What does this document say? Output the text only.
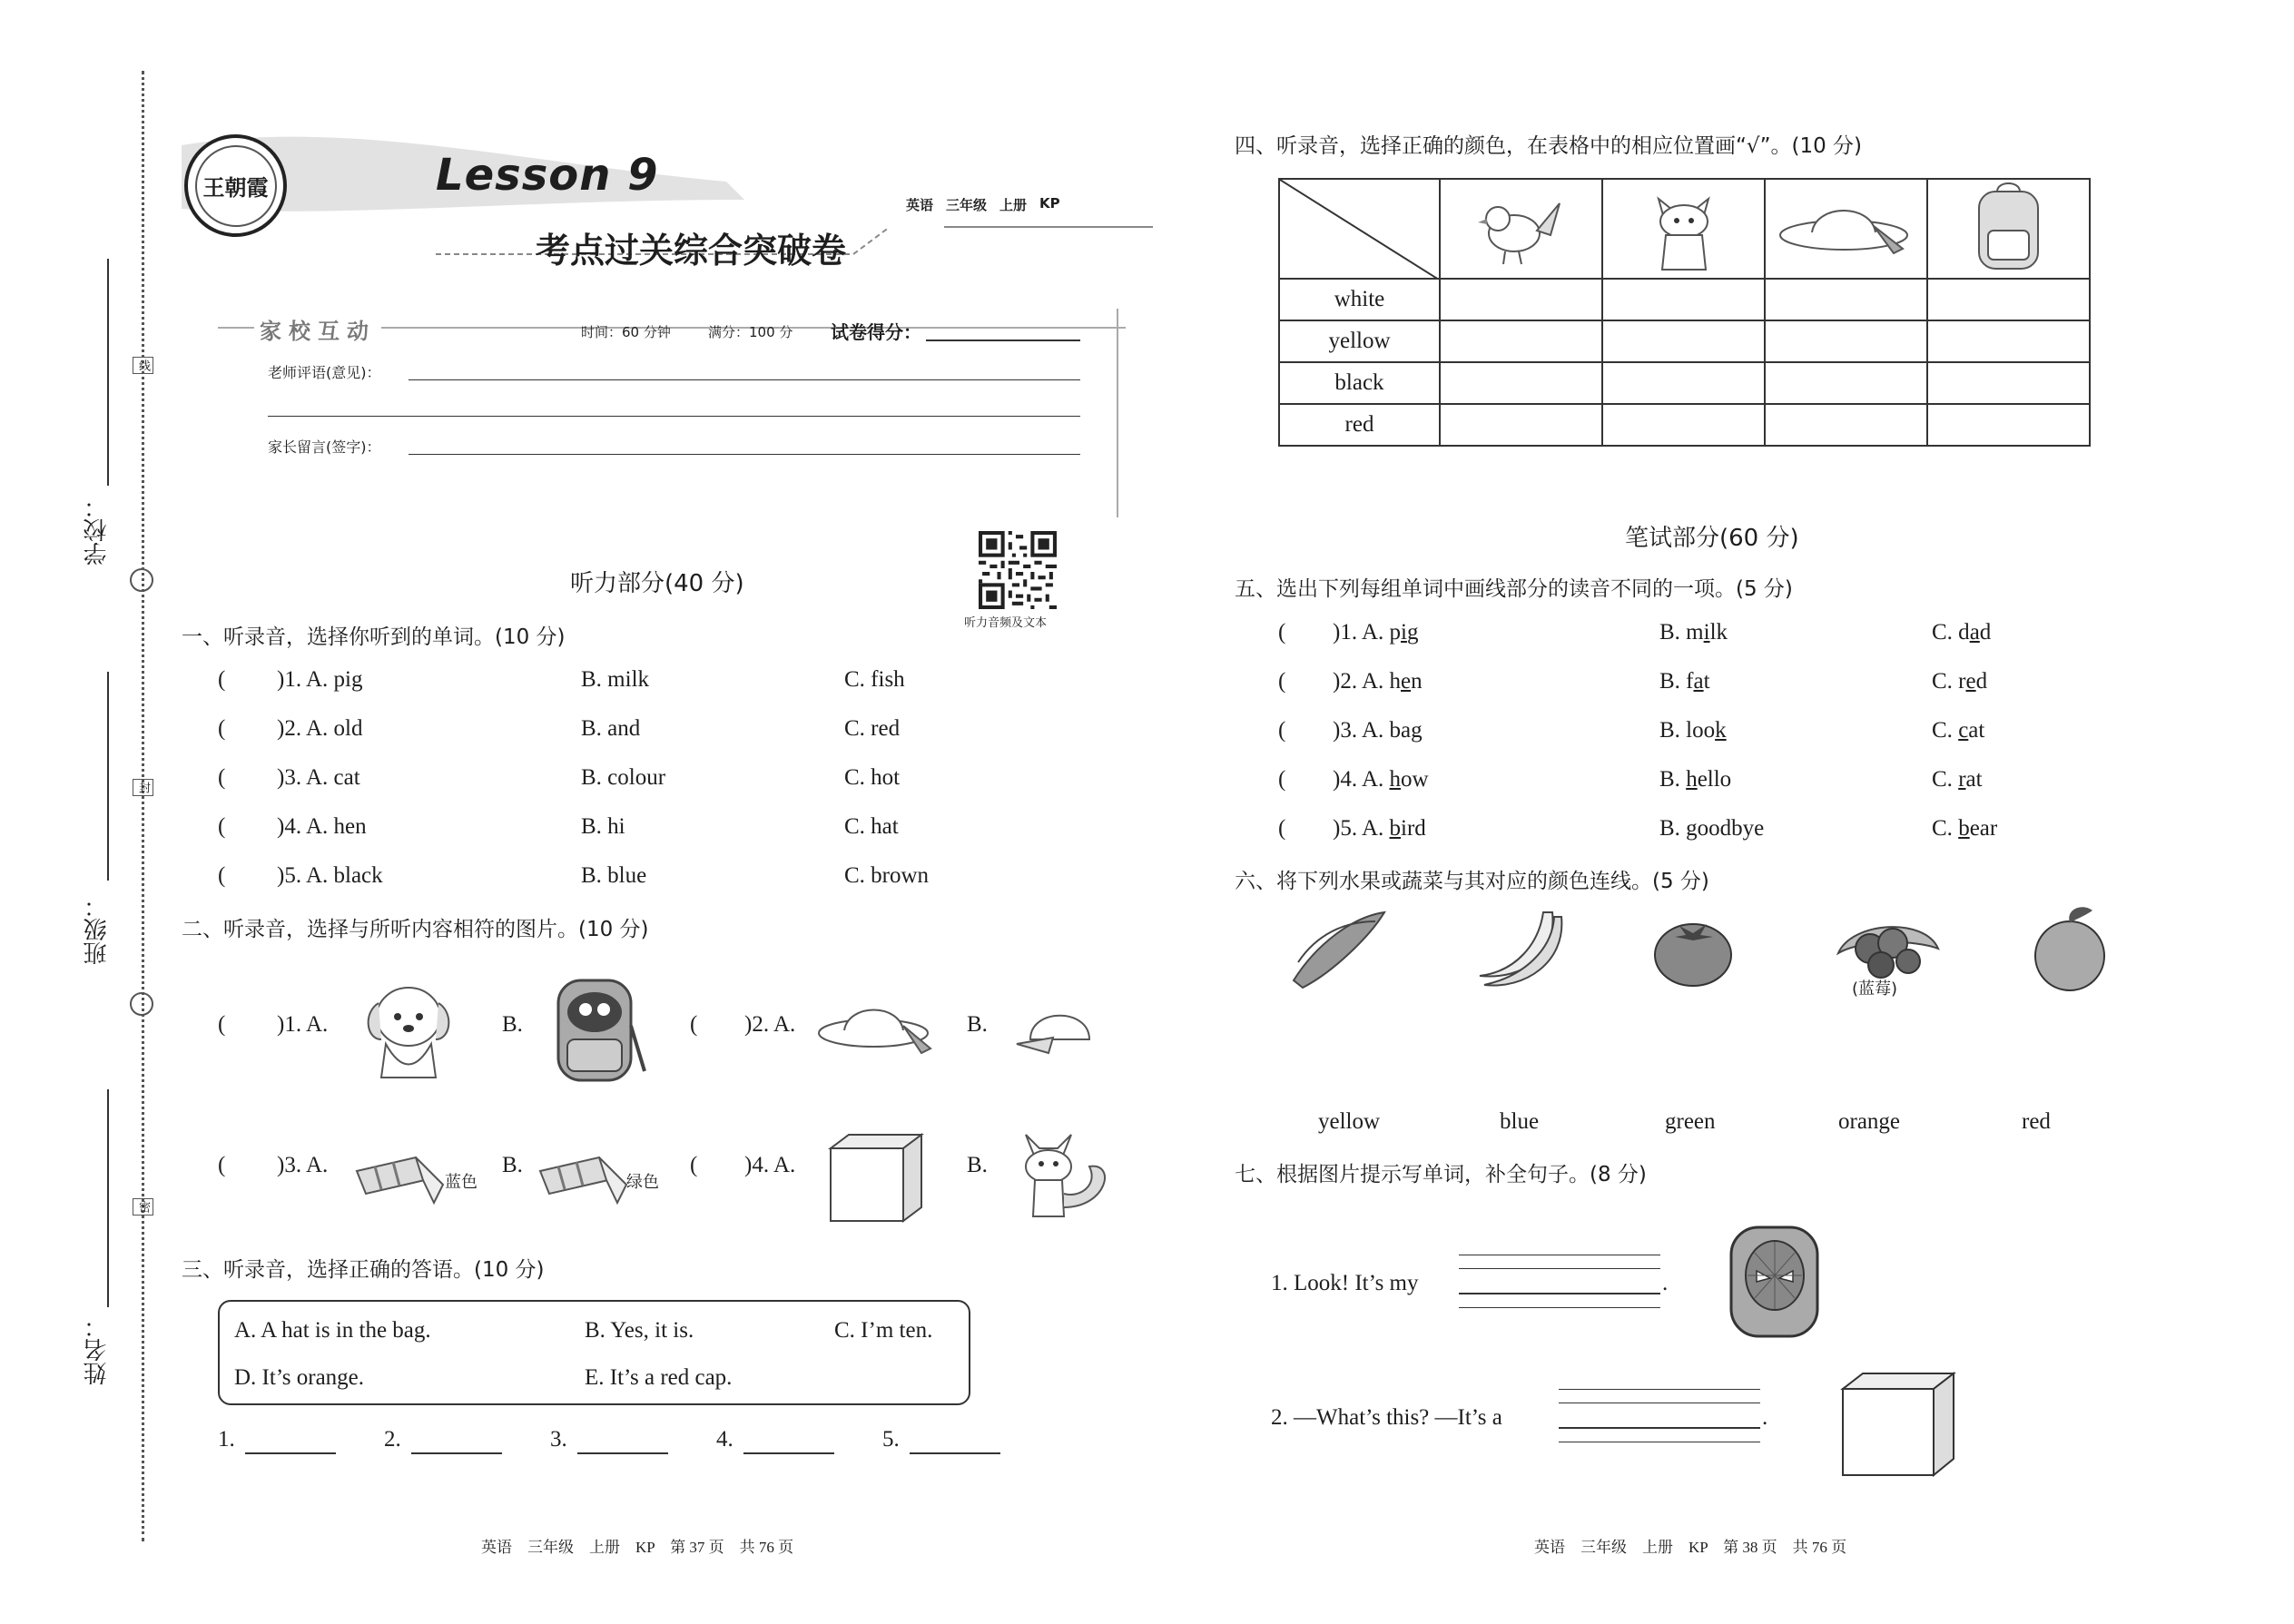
学校：
班级：
姓名：
线
封
密
王朝霞	Lesson 9
考点过关综合突破卷
英语 三年级 上册 KP
家校互动	时间：60 分钟	满分：100 分 试卷得分：
老师评语(意见)：
家长留言(签字)：
听力音频及文本
听力部分(40 分)
一、听录音，选择你听到的单词。(10 分)
( )1. A. pig	B. milk	C. fish
( )2. A. old	B. and	C. red
( )3. A. cat	B. colour	C. hot
( )4. A. hen	B. hi	C. hat
( )5. A. black	B. blue	C. brown
二、听录音，选择与所听内容相符的图片。(10 分)
( )1. A.	B.	( )2. A.	B.
( )3. A.
蓝色
B.
绿色
( )4. A.	B.
三、听录音，选择正确的答语。(10 分)
A. A hat is in the bag.	B. Yes, it is.	C. I’m ten.
D. It’s orange.	E. It’s a red cap.
1.	2.	3.	4.	5.
英语　三年级　上册　KP　第 37 页　共 76 页
四、听录音，选择正确的颜色，在表格中的相应位置画“√”。(10 分)

white				
yellow				
black				
red				
笔试部分(60 分)
五、选出下列每组单词中画线部分的读音不同的一项。(5 分)
( )1. A. pig	B. milk	C. dad
( )2. A. hen	B. fat	C. red
( )3. A. bag	B. look	C. cat
( )4. A. how	B. hello	C. rat
( )5. A. bird	B. goodbye	C. bear
六、将下列水果或蔬菜与其对应的颜色连线。(5 分)
(蓝莓)
yellow	blue	green	orange	red
七、根据图片提示写单词，补全句子。(8 分)
1. Look! It’s my	.
2. —What’s this? —It’s a	.
英语　三年级　上册　KP　第 38 页　共 76 页
